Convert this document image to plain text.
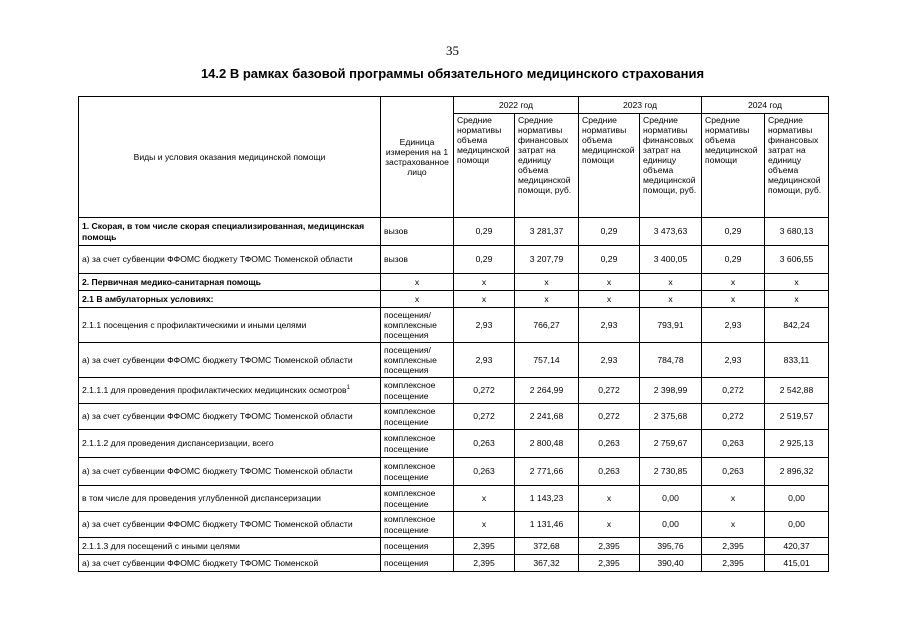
35
14.2 В рамках базовой программы обязательного медицинского страхования
Виды и условия оказания медицинской помощи	Единица измерения на 1 застрахованное лицо	2022 год		2023 год		2024 год	
		Средние нормативы объема медицинской помощи	Средние нормативы финансовых затрат на единицу объема медицинской помощи, руб.	Средние нормативы объема медицинской помощи	Средние нормативы финансовых затрат на единицу объема медицинской помощи, руб.	Средние нормативы объема медицинской помощи	Средние нормативы финансовых затрат на единицу объема медицинской помощи, руб.
1. Скорая, в том числе скорая специализированная, медицинская помощь	вызов	0,29	3 281,37	0,29	3 473,63	0,29	3 680,13
а) за счет субвенции ФФОМС бюджету ТФОМС Тюменской области	вызов	0,29	3 207,79	0,29	3 400,05	0,29	3 606,55
2. Первичная медико-санитарная помощь	х	х	х	х	х	х	х
2.1 В амбулаторных условиях:	х	х	х	х	х	х	х
2.1.1 посещения с профилактическими и иными целями	посещения/ комплексные посещения	2,93	766,27	2,93	793,91	2,93	842,24
а) за счет субвенции ФФОМС бюджету ТФОМС Тюменской области	посещения/ комплексные посещения	2,93	757,14	2,93	784,78	2,93	833,11
2.1.1.1 для проведения профилактических медицинских осмотров$^1$	комплексное посещение	0,272	2 264,99	0,272	2 398,99	0,272	2 542,88
а) за счет субвенции ФФОМС бюджету ТФОМС Тюменской области	комплексное посещение	0,272	2 241,68	0,272	2 375,68	0,272	2 519,57
2.1.1.2 для проведения диспансеризации, всего	комплексное посещение	0,263	2 800,48	0,263	2 759,67	0,263	2 925,13
а) за счет субвенции ФФОМС бюджету ТФОМС Тюменской области	комплексное посещение	0,263	2 771,66	0,263	2 730,85	0,263	2 896,32
в том числе для проведения углубленной диспансеризации	комплексное посещение	х	1 143,23	х	0,00	х	0,00
а) за счет субвенции ФФОМС бюджету ТФОМС Тюменской области	комплексное посещение	х	1 131,46	х	0,00	х	0,00
2.1.1.3 для посещений с иными целями	посещения	2,395	372,68	2,395	395,76	2,395	420,37
а) за счет субвенции ФФОМС бюджету ТФОМС Тюменской	посещения	2,395	367,32	2,395	390,40	2,395	415,01
